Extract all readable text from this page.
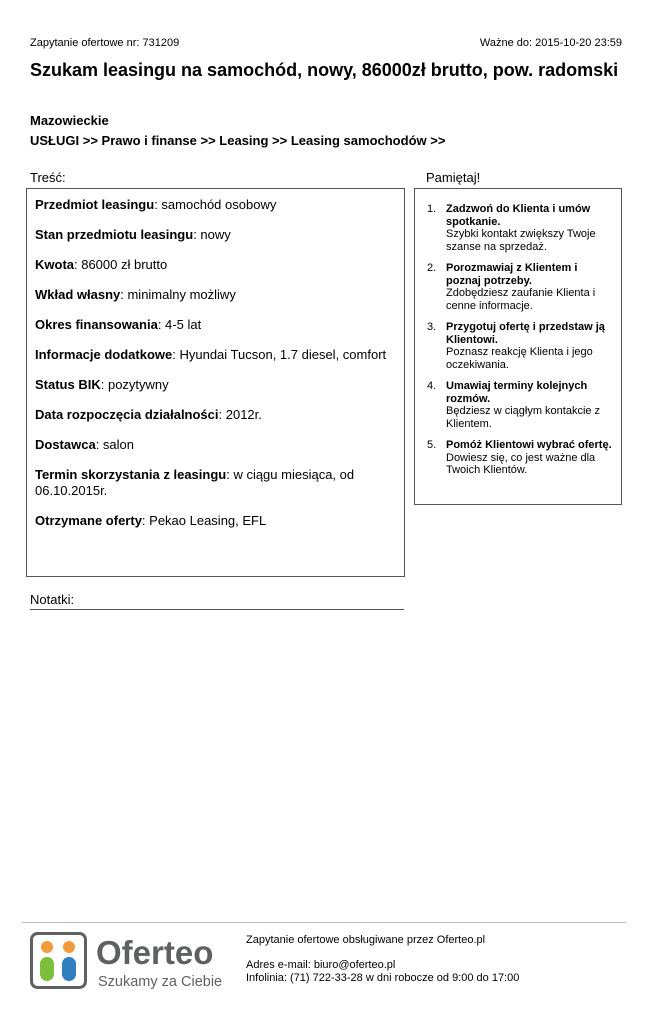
Zapytanie ofertowe nr: 731209	Ważne do: 2015-10-20 23:59
Szukam leasingu na samochód, nowy, 86000zł brutto, pow. radomski
Mazowieckie
USŁUGI >> Prawo i finanse >> Leasing >> Leasing samochodów >>
Treść:
Przedmiot leasingu: samochód osobowy
Stan przedmiotu leasingu: nowy
Kwota: 86000 zł brutto
Wkład własny: minimalny możliwy
Okres finansowania: 4-5 lat
Informacje dodatkowe: Hyundai Tucson, 1.7 diesel, comfort
Status BIK: pozytywny
Data rozpoczęcia działalności: 2012r.
Dostawca: salon
Termin skorzystania z leasingu: w ciągu miesiąca, od 06.10.2015r.
Otrzymane oferty: Pekao Leasing, EFL
Pamiętaj!
1. Zadzwoń do Klienta i umów spotkanie.
Szybki kontakt zwiększy Twoje szanse na sprzedaż.
2. Porozmawiaj z Klientem i poznaj potrzeby.
Zdobędziesz zaufanie Klienta i cenne informacje.
3. Przygotuj ofertę i przedstaw ją Klientowi.
Poznasz reakcję Klienta i jego oczekiwania.
4. Umawiaj terminy kolejnych rozmów.
Będziesz w ciągłym kontakcie z Klientem.
5. Pomóż Klientowi wybrać ofertę.
Dowiesz się, co jest ważne dla Twoich Klientów.
Notatki:
Oferteo
Szukamy za Ciebie
Zapytanie ofertowe obsługiwane przez Oferteo.pl
Adres e-mail: biuro@oferteo.pl
Infolinia: (71) 722-33-28 w dni robocze od 9:00 do 17:00
